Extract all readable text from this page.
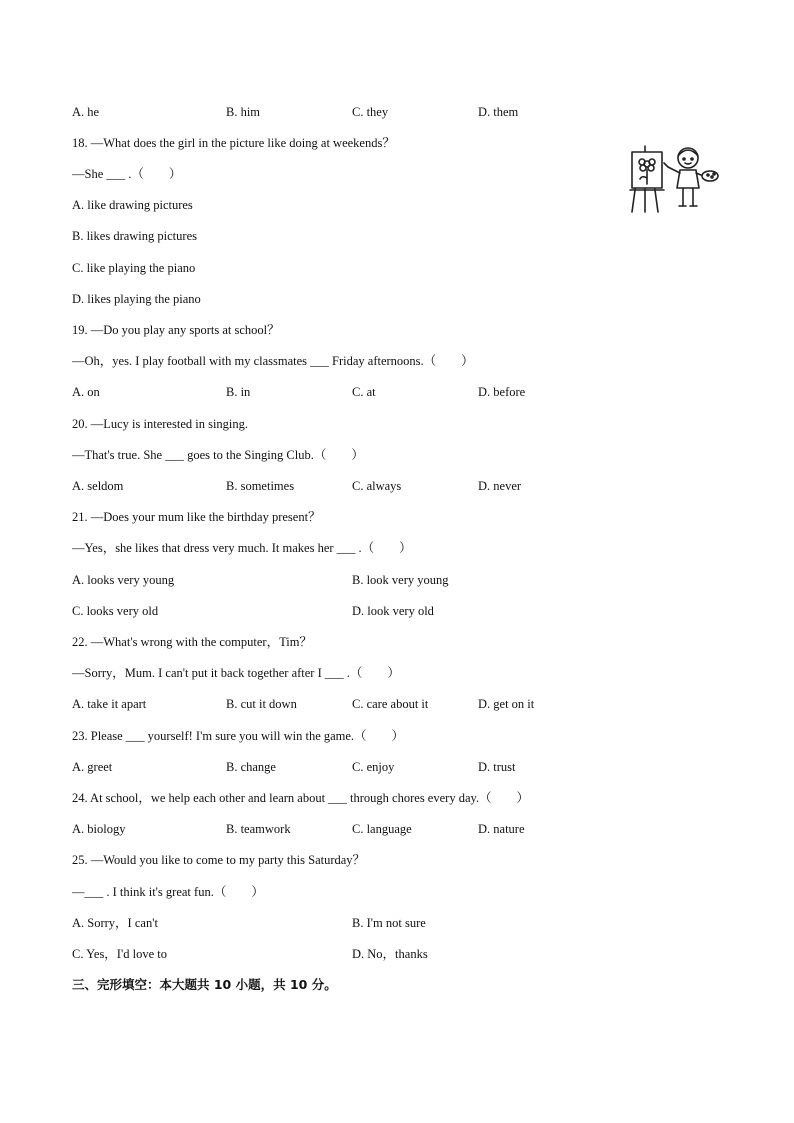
A. he	B. him	C. they	D. them
18. —What does the girl in the picture like doing at weekends？
—She ___ .（　　）
A. like drawing pictures
B. likes drawing pictures
C. like playing the piano
D. likes playing the piano
19. —Do you play any sports at school？
—Oh，yes. I play football with my classmates ___ Friday afternoons.（　　）
A. on	B. in	C. at	D. before
20. —Lucy is interested in singing.
—That's true. She ___ goes to the Singing Club.（　　）
A. seldom	B. sometimes	C. always	D. never
21. —Does your mum like the birthday present？
—Yes，she likes that dress very much. It makes her ___ .（　　）
A. looks very young	B. look very young
C. looks very old	D. look very old
22. —What's wrong with the computer，Tim？
—Sorry，Mum. I can't put it back together after I ___ .（　　）
A. take it apart	B. cut it down	C. care about it	D. get on it
23. Please ___ yourself! I'm sure you will win the game.（　　）
A. greet	B. change	C. enjoy	D. trust
24. At school，we help each other and learn about ___ through chores every day.（　　）
A. biology	B. teamwork	C. language	D. nature
25. —Would you like to come to my party this Saturday？
—___ . I think it's great fun.（　　）
A. Sorry，I can't	B. I'm not sure
C. Yes，I'd love to	D. No，thanks
三、完形填空：本大题共 10 小题，共 10 分。
